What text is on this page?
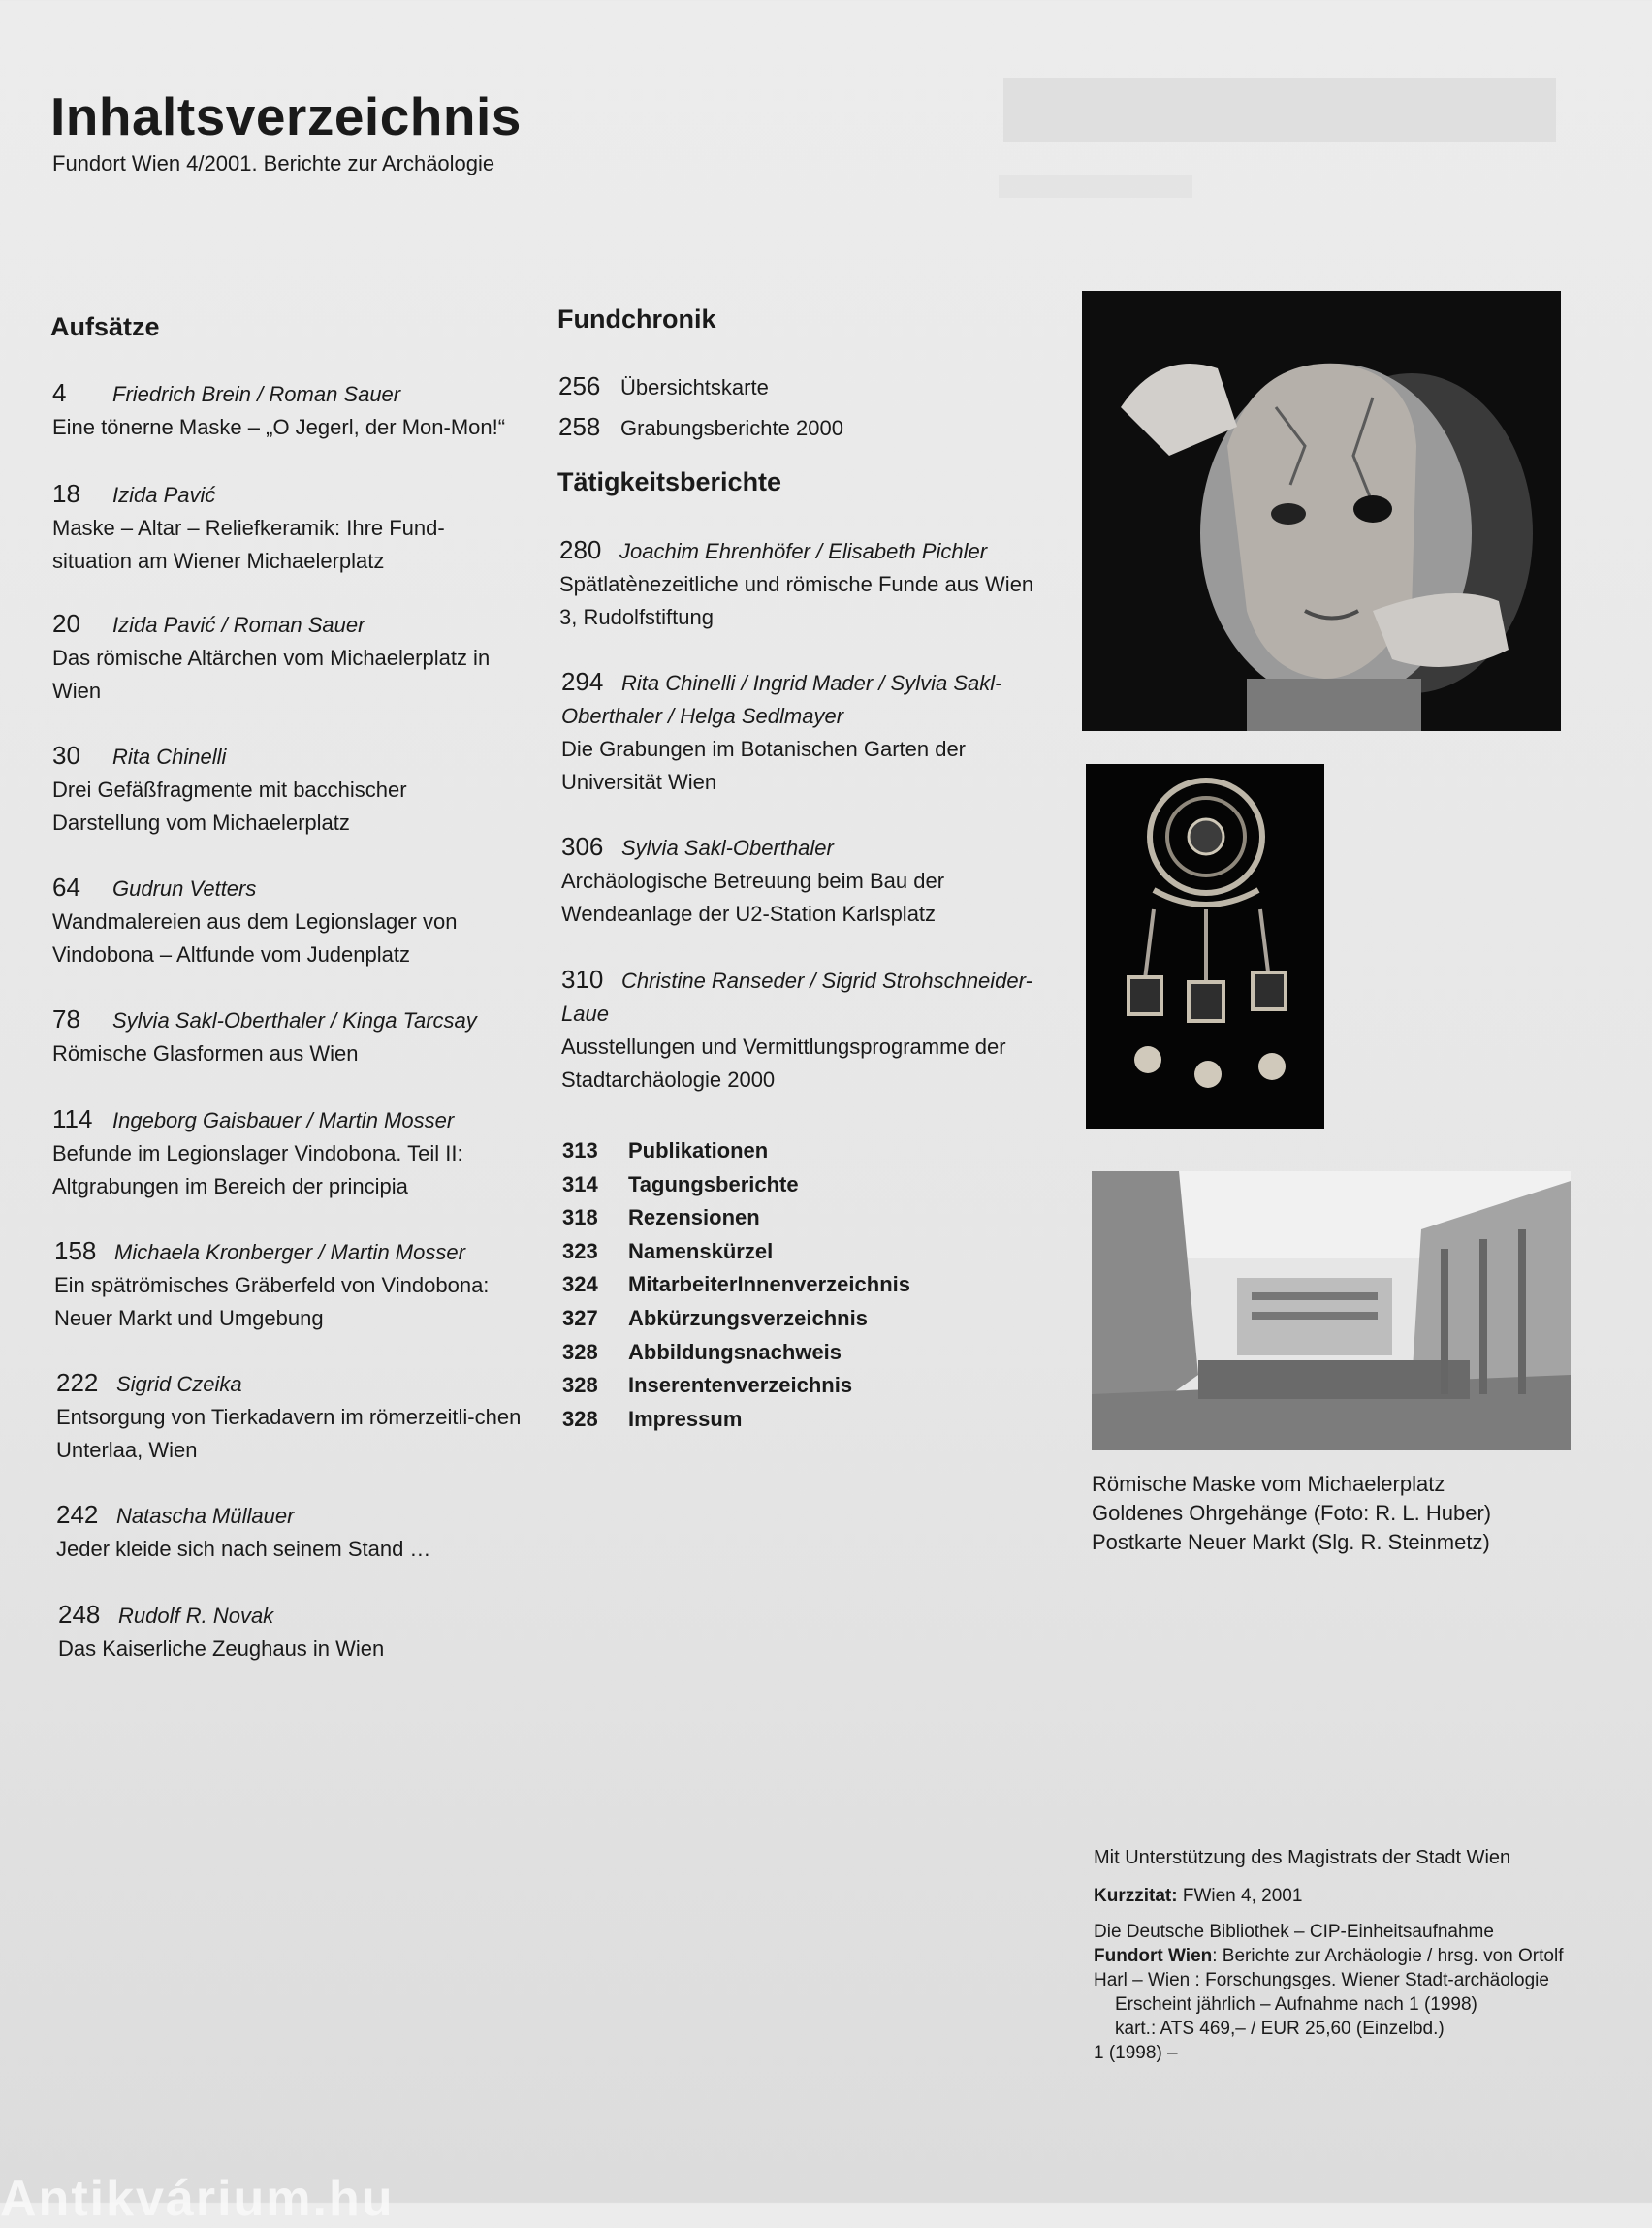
Inhaltsverzeichnis
Fundort Wien 4/2001. Berichte zur Archäologie
Aufsätze
4 Friedrich Brein / Roman Sauer
Eine tönerne Maske – „O Jegerl, der Mon-Mon!“
18 Izida Pavić
Maske – Altar – Reliefkeramik: Ihre Fund-situation am Wiener Michaelerplatz
20 Izida Pavić / Roman Sauer
Das römische Altärchen vom Michaelerplatz in Wien
30 Rita Chinelli
Drei Gefäßfragmente mit bacchischer Darstellung vom Michaelerplatz
64 Gudrun Vetters
Wandmalereien aus dem Legionslager von Vindobona – Altfunde vom Judenplatz
78 Sylvia Sakl-Oberthaler / Kinga Tarcsay
Römische Glasformen aus Wien
114 Ingeborg Gaisbauer / Martin Mosser
Befunde im Legionslager Vindobona. Teil II: Altgrabungen im Bereich der principia
158 Michaela Kronberger / Martin Mosser
Ein spätrömisches Gräberfeld von Vindobona: Neuer Markt und Umgebung
222 Sigrid Czeika
Entsorgung von Tierkadavern im römerzeitli-chen Unterlaa, Wien
242 Natascha Müllauer
Jeder kleide sich nach seinem Stand …
248 Rudolf R. Novak
Das Kaiserliche Zeughaus in Wien
Fundchronik
256 Übersichtskarte
258 Grabungsberichte 2000
Tätigkeitsberichte
280 Joachim Ehrenhöfer / Elisabeth Pichler
Spätlatènezeitliche und römische Funde aus Wien 3, Rudolfstiftung
294 Rita Chinelli / Ingrid Mader / Sylvia Sakl-Oberthaler / Helga Sedlmayer
Die Grabungen im Botanischen Garten der Universität Wien
306 Sylvia Sakl-Oberthaler
Archäologische Betreuung beim Bau der Wendeanlage der U2-Station Karlsplatz
310 Christine Ranseder / Sigrid Strohschneider-Laue
Ausstellungen und Vermittlungsprogramme der Stadtarchäologie 2000
313 Publikationen
314 Tagungsberichte
318 Rezensionen
323 Namenskürzel
324 MitarbeiterInnenverzeichnis
327 Abkürzungsverzeichnis
328 Abbildungsnachweis
328 Inserentenverzeichnis
328 Impressum
Römische Maske vom Michaelerplatz
Goldenes Ohrgehänge (Foto: R. L. Huber)
Postkarte Neuer Markt (Slg. R. Steinmetz)
Mit Unterstützung des Magistrats der Stadt Wien
Kurzzitat: FWien 4, 2001
Die Deutsche Bibliothek – CIP-Einheitsaufnahme
Fundort Wien: Berichte zur Archäologie / hrsg. von Ortolf Harl – Wien : Forschungsges. Wiener Stadt-archäologie
Erscheint jährlich – Aufnahme nach 1 (1998)
kart.: ATS 469,– / EUR 25,60 (Einzelbd.)
1 (1998) –
Antikvárium.hu
